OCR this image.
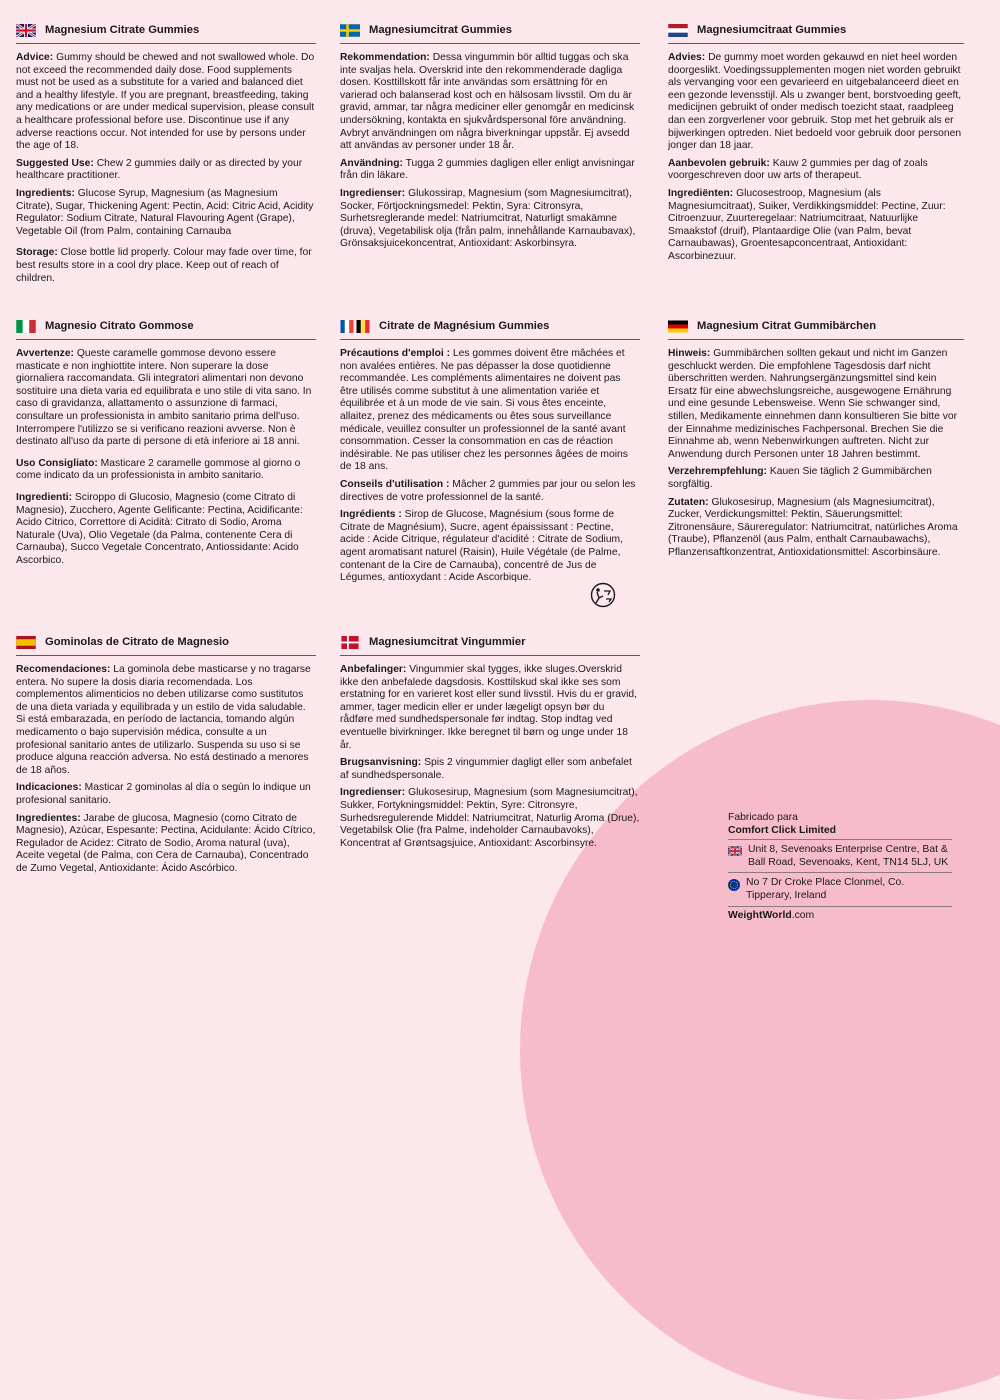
Magnesium Citrate Gummies

Advice: Gummy should be chewed and not swallowed whole. Do not exceed the recommended daily dose. Food supplements must not be used as a substitute for a varied and balanced diet and a healthy lifestyle. If you are pregnant, breastfeeding, taking any medications or are under medical supervision, please consult a healthcare professional before use. Discontinue use if any adverse reactions occur. Not intended for use by persons under the age of 18.

Suggested Use: Chew 2 gummies daily or as directed by your healthcare practitioner.

Ingredients: Glucose Syrup, Magnesium (as Magnesium Citrate), Sugar, Thickening Agent: Pectin, Acid: Citric Acid, Acidity Regulator: Sodium Citrate, Natural Flavouring Agent (Grape), Vegetable Oil (from Palm, containing Carnauba

Storage: Close bottle lid properly. Colour may fade over time, for best results store in a cool dry place. Keep out of reach of children.

Magnesiumcitrat Gummies

Rekommendation: Dessa vingummin bör alltid tuggas och ska inte svaljas hela. Overskrid inte den rekommenderade dagliga dosen. Kosttillskott får inte användas som ersättning för en varierad och balanserad kost och en hälsosam livsstil. Om du är gravid, ammar, tar några mediciner eller genomgår en medicinsk undersökning, kontakta en sjukvårdspersonal före användning. Avbryt användningen om några biverkningar uppstår. Ej avsedd att användas av personer under 18 år.

Användning: Tugga 2 gummies dagligen eller enligt anvisningar från din läkare.

Ingredienser: Glukossirap, Magnesium (som Magnesiumcitrat), Socker, Förtjockningsmedel: Pektin, Syra: Citronsyra, Surhetsreglerande medel: Natriumcitrat, Naturligt smakämne (druva), Vegetabilisk olja (från palm, innehållande Karnaubavax), Grönsaksjuicekoncentrat, Antioxidant: Askorbinsyra.

Magnesiumcitraat Gummies

Advies: De gummy moet worden gekauwd en niet heel worden doorgeslikt. Voedingssupplementen mogen niet worden gebruikt als vervanging voor een gevarieerd en uitgebalanceerd dieet en een gezonde levensstijl. Als u zwanger bent, borstvoeding geeft, medicijnen gebruikt of onder medisch toezicht staat, raadpleeg dan een zorgverlener voor gebruik. Stop met het gebruik als er bijwerkingen optreden. Niet bedoeld voor gebruik door personen jonger dan 18 jaar.

Aanbevolen gebruik: Kauw 2 gummies per dag of zoals voorgeschreven door uw arts of therapeut.

Ingrediënten: Glucosestroop, Magnesium (als Magnesiumcitraat), Suiker, Verdikkingsmiddel: Pectine, Zuur: Citroenzuur, Zuurteregelaar: Natriumcitraat, Natuurlijke Smaakstof (druif), Plantaardige Olie (van Palm, bevat Carnaubawas), Groentesapconcentraat, Antioxidant: Ascorbinezuur.

Magnesio Citrato Gommose

Avvertenze: Queste caramelle gommose devono essere masticate e non inghiottite intere. Non superare la dose giornaliera raccomandata. Gli integratori alimentari non devono sostituire una dieta varia ed equilibrata e uno stile di vita sano. In caso di gravidanza, allattamento o assunzione di farmaci, consultare un professionista in ambito sanitario prima dell'uso. Interrompere l'utilizzo se si verificano reazioni avverse. Non è destinato all'uso da parte di persone di età inferiore ai 18 anni.

Uso Consigliato: Masticare 2 caramelle gommose al giorno o come indicato da un professionista in ambito sanitario.

Ingredienti: Sciroppo di Glucosio, Magnesio (come Citrato di Magnesio), Zucchero, Agente Gelificante: Pectina, Acidificante: Acido Citrico, Correttore di Acidità: Citrato di Sodio, Aroma Naturale (Uva), Olio Vegetale (da Palma, contenente Cera di Carnauba), Succo Vegetale Concentrato, Antiossidante: Acido Ascorbico.

Citrate de Magnésium Gummies

Précautions d'emploi : Les gommes doivent être mâchées et non avalées entières. Ne pas dépasser la dose quotidienne recommandée. Les compléments alimentaires ne doivent pas être utilisés comme substitut à une alimentation variée et équilibrée et à un mode de vie sain. Si vous êtes enceinte, allaitez, prenez des médicaments ou êtes sous surveillance médicale, veuillez consulter un professionnel de la santé avant consommation. Cesser la consommation en cas de réaction indésirable. Ne pas utiliser chez les personnes âgées de moins de 18 ans.

Conseils d'utilisation : Mâcher 2 gummies par jour ou selon les directives de votre professionnel de la santé.

Ingrédients : Sirop de Glucose, Magnésium (sous forme de Citrate de Magnésium), Sucre, agent épaississant : Pectine, acide : Acide Citrique, régulateur d'acidité : Citrate de Sodium, agent aromatisant naturel (Raisin), Huile Végétale (de Palme, contenant de la Cire de Carnauba), concentré de Jus de Légumes, antioxydant : Acide Ascorbique.

Magnesium Citrat Gummibärchen

Hinweis: Gummibärchen sollten gekaut und nicht im Ganzen geschluckt werden. Die empfohlene Tagesdosis darf nicht überschritten werden. Nahrungsergänzungsmittel sind kein Ersatz für eine abwechslungsreiche, ausgewogene Ernährung und eine gesunde Lebensweise. Wenn Sie schwanger sind, stillen, Medikamente einnehmen dann konsultieren Sie bitte vor der Einnahme medizinisches Fachpersonal. Brechen Sie die Einnahme ab, wenn Nebenwirkungen auftreten. Nicht zur Anwendung durch Personen unter 18 Jahren bestimmt.

Verzehrempfehlung: Kauen Sie täglich 2 Gummibärchen sorgfältig.

Zutaten: Glukosesirup, Magnesium (als Magnesiumcitrat), Zucker, Verdickungsmittel: Pektin, Säuerungsmittel: Zitronensäure, Säureregulator: Natriumcitrat, natürliches Aroma (Traube), Pflanzenöl (aus Palm, enthalt Carnaubawachs), Pflanzensaftkonzentrat, Antioxidationsmittel: Ascorbinsäure.

Gominolas de Citrato de Magnesio

Recomendaciones: La gominola debe masticarse y no tragarse entera. No supere la dosis diaria recomendada. Los complementos alimenticios no deben utilizarse como sustitutos de una dieta variada y equilibrada y un estilo de vida saludable. Si está embarazada, en período de lactancia, tomando algún medicamento o bajo supervisión médica, consulte a un profesional sanitario antes de utilizarlo. Suspenda su uso si se produce alguna reacción adversa. No está destinado a menores de 18 años.

Indicaciones: Masticar 2 gominolas al día o según lo indique un profesional sanitario.

Ingredientes: Jarabe de glucosa, Magnesio (como Citrato de Magnesio), Azúcar, Espesante: Pectina, Acidulante: Ácido Cítrico, Regulador de Acidez: Citrato de Sodio, Aroma natural (uva), Aceite vegetal (de Palma, con Cera de Carnauba), Concentrado de Zumo Vegetal, Antioxidante: Ácido Ascórbico.

Magnesiumcitrat Vingummier

Anbefalinger: Vingummier skal tygges, ikke sluges.Overskrid ikke den anbefalede dagsdosis. Kosttilskud skal ikke ses som erstatning for en varieret kost eller sund livsstil. Hvis du er gravid, ammer, tager medicin eller er under lægeligt opsyn bør du rådføre med sundhedspersonale før indtag. Stop indtag ved eventuelle bivirkninger. Ikke beregnet til børn og unge under 18 år.

Brugsanvisning: Spis 2 vingummier dagligt eller som anbefalet af sundhedspersonale.

Ingredienser: Glukosesirup, Magnesium (som Magnesiumcitrat), Sukker, Fortykningsmiddel: Pektin, Syre: Citronsyre, Surhedsregulerende Middel: Natriumcitrat, Naturlig Aroma (Drue), Vegetabilsk Olie (fra Palme, indeholder Carnaubavoks), Koncentrat af Grøntsagsjuice, Antioxidant: Ascorbinsyre.

Fabricado para
Comfort Click Limited
Unit 8, Sevenoaks Enterprise Centre, Bat & Ball Road, Sevenoaks, Kent, TN14 5LJ, UK
No 7 Dr Croke Place Clonmel, Co. Tipperary, Ireland
WeightWorld.com
